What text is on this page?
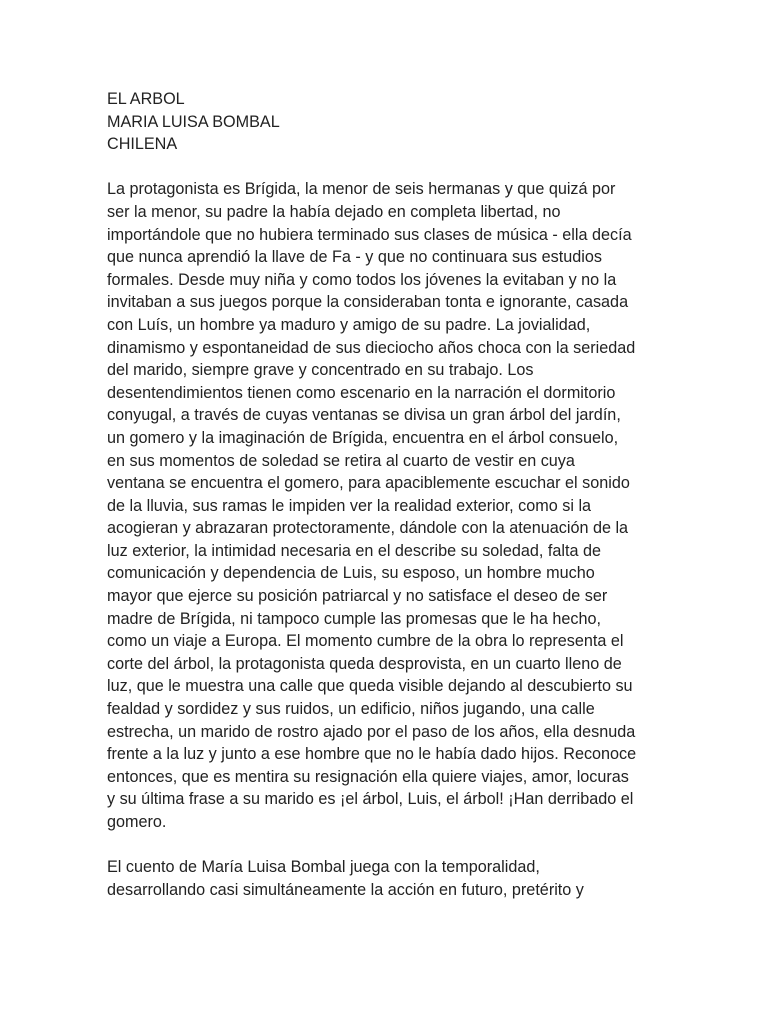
EL ARBOL
MARIA LUISA BOMBAL
CHILENA
La protagonista es Brígida, la menor de seis hermanas y que quizá por
ser la menor, su padre la había dejado en completa libertad, no
importándole que no hubiera terminado sus clases de música - ella decía
que nunca aprendió la llave de Fa - y que no continuara sus estudios
formales. Desde muy niña y como todos los jóvenes la evitaban y no la
invitaban a sus juegos porque la consideraban tonta e ignorante, casada
con Luís, un hombre ya maduro y amigo de su padre. La jovialidad,
dinamismo y espontaneidad de sus dieciocho años choca con la seriedad
del marido, siempre grave y concentrado en su trabajo. Los
desentendimientos tienen como escenario en la narración el dormitorio
conyugal, a través de cuyas ventanas se divisa un gran árbol del jardín,
un gomero y la imaginación de Brígida, encuentra en el árbol consuelo,
en sus momentos de soledad se retira al cuarto de vestir en cuya
ventana se encuentra el gomero, para apaciblemente escuchar el sonido
de la lluvia, sus ramas le impiden ver la realidad exterior, como si la
acogieran y abrazaran protectoramente, dándole con la atenuación de la
luz exterior, la intimidad necesaria en el describe su soledad, falta de
comunicación y dependencia de Luis, su esposo, un hombre mucho
mayor que ejerce su posición patriarcal y no satisface el deseo de ser
madre de Brígida, ni tampoco cumple las promesas que le ha hecho,
como un viaje a Europa. El momento cumbre de la obra lo representa el
corte del árbol, la protagonista queda desprovista, en un cuarto lleno de
luz, que le muestra una calle que queda visible dejando al descubierto su
fealdad y sordidez y sus ruidos, un edificio, niños jugando, una calle
estrecha, un marido de rostro ajado por el paso de los años, ella desnuda
frente a la luz y junto a ese hombre que no le había dado hijos. Reconoce
entonces, que es mentira su resignación ella quiere viajes, amor, locuras
y su última frase a su marido es ¡el árbol, Luis, el árbol! ¡Han derribado el
gomero.
El cuento de María Luisa Bombal juega con la temporalidad,
desarrollando casi simultáneamente la acción en futuro, pretérito y
